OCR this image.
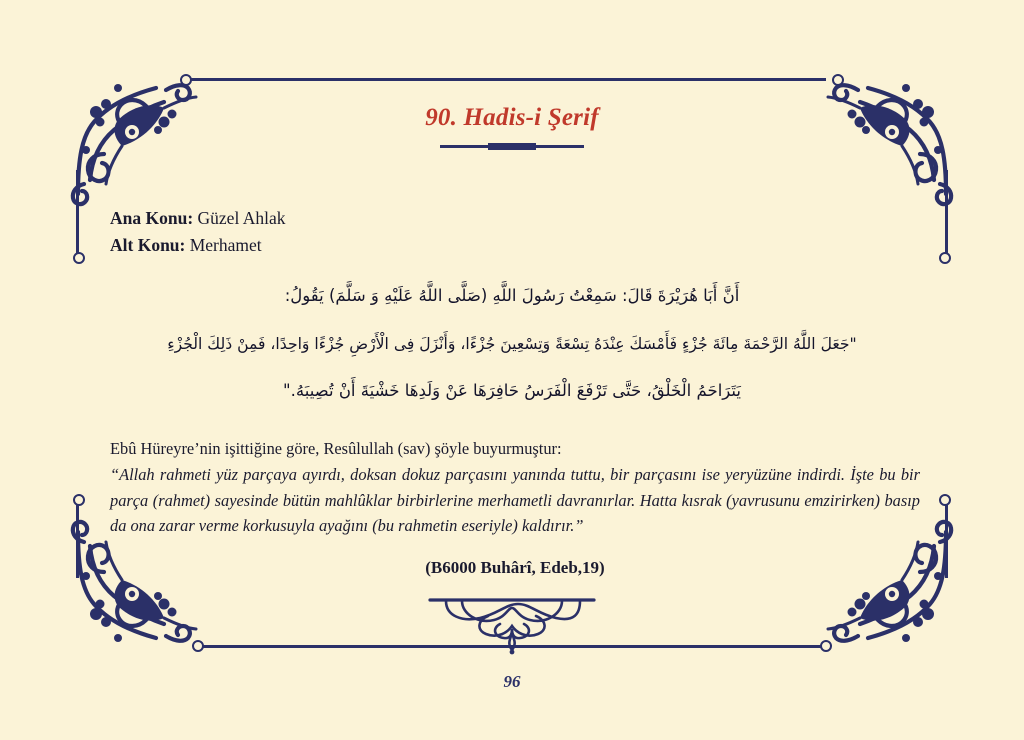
90. Hadis-i Şerif
Ana Konu: Güzel Ahlak
Alt Konu: Merhamet

أَنَّ أَبَا هُرَيْرَةَ قَالَ: سَمِعْتُ رَسُولَ اللَّهِ (صَلَّى اللَّهُ عَلَيْهِ وَ سَلَّمَ) يَقُولُ:

"جَعَلَ اللَّهُ الرَّحْمَةَ مِائَةَ جُزْءٍ فَأَمْسَكَ عِنْدَهُ تِسْعَةً وَتِسْعِينَ جُزْءًا، وَأَنْزَلَ فِى الْأَرْضِ جُزْءًا وَاحِدًا، فَمِنْ ذَلِكَ الْجُزْءِ

يَتَرَاحَمُ الْخَلْقُ، حَتَّى تَرْفَعَ الْفَرَسُ حَافِرَهَا عَنْ وَلَدِهَا خَشْيَةَ أَنْ تُصِيبَهُ."

Ebû Hüreyre’nin işittiğine göre, Resûlullah (sav) şöyle buyurmuştur:

“Allah rahmeti yüz parçaya ayırdı, doksan dokuz parçasını yanında tuttu, bir parçasını ise yeryüzüne indirdi. İşte bu bir parça (rahmet) sayesinde bütün mahlûklar birbirlerine merhametli davranırlar. Hatta kısrak (yavrusunu emzirirken) basıp da ona zarar verme korkusuyla ayağını (bu rahmetin eseriyle) kaldırır.”

(B6000 Buhârî, Edeb,19)
96
